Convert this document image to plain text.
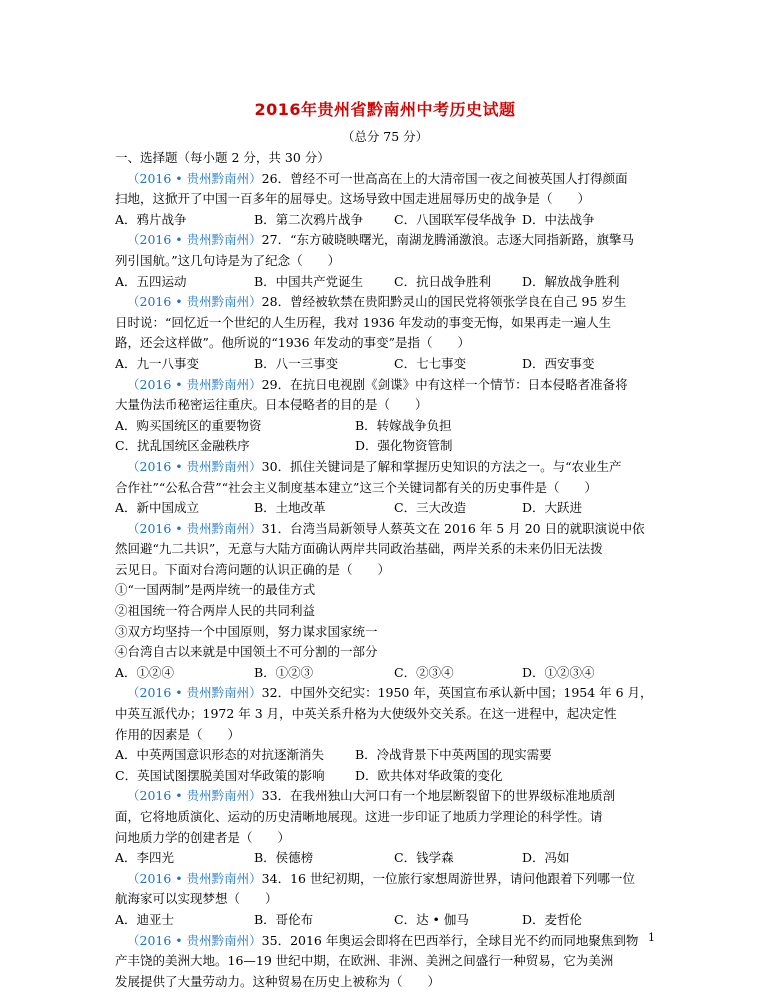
2016年贵州省黔南州中考历史试题
（总分 75 分）
一、选择题（每小题 2 分，共 30 分）
（ 2016 • 贵州黔南州 ） 26．曾经不可一世高高在上的大清帝国一夜之间被英国人打得颜面
扫地，这掀开了中国一百多年的屈辱史。这场导致中国走进屈辱历史的战争是（　　）
A．鸦片战争	B．第二次鸦片战争	C．八国联军侵华战争 D．中法战争
（ 2016 • 贵州黔南州 ） 27．“东方破晓映曙光，南湖龙腾涌激浪。志逐大同指新路，旗擎马
列引国航。”这几句诗是为了纪念（　　）
A．五四运动	B．中国共产党诞生	C．抗日战争胜利	D．解放战争胜利
（ 2016 • 贵州黔南州 ） 28．曾经被软禁在贵阳黔灵山的国民党将领张学良在自己 95 岁生
日时说：“回忆近一个世纪的人生历程，我对 1936 年发动的事变无悔，如果再走一遍人生
路，还会这样做”。他所说的“1936 年发动的事变”是指（　　）
A．九一八事变	B．八一三事变	C．七七事变	D．西安事变
（ 2016 • 贵州黔南州 ） 29．在抗日电视剧《剑谍》中有这样一个情节：日本侵略者准备将
大量伪法币秘密运往重庆。日本侵略者的目的是（　　）
A．购买国统区的重要物资	B．转嫁战争负担
C．扰乱国统区金融秩序	D．强化物资管制
（ 2016 • 贵州黔南州 ） 30．抓住关键词是了解和掌握历史知识的方法之一。与“农业生产
合作社”“公私合营”“社会主义制度基本建立”这三个关键词都有关的历史事件是（　　）
A．新中国成立	B．土地改革	C．三大改造	D．大跃进
（ 2016 • 贵州黔南州 ） 31．台湾当局新领导人蔡英文在 2016 年 5 月 20 日的就职演说中依
然回避“九二共识”，无意与大陆方面确认两岸共同政治基础，两岸关系的未来仍旧无法拨
云见日。下面对台湾问题的认识正确的是（　　）
①“一国两制”是两岸统一的最佳方式
②祖国统一符合两岸人民的共同利益
③双方均坚持一个中国原则，努力谋求国家统一
④台湾自古以来就是中国领土不可分割的一部分
A．①②④	B．①②③	C．②③④	D．①②③④
（ 2016 • 贵州黔南州 ） 32．中国外交纪实：1950 年，英国宣布承认新中国；1954 年 6 月，
中英互派代办；1972 年 3 月，中英关系升格为大使级外交关系。在这一进程中，起决定性
作用的因素是（　　）
A．中英两国意识形态的对抗逐渐消失	B．冷战背景下中英两国的现实需要
C．英国试图摆脱美国对华政策的影响	D．欧共体对华政策的变化
（ 2016 • 贵州黔南州 ） 33．在我州独山大河口有一个地层断裂留下的世界级标准地质剖
面，它将地质演化、运动的历史清晰地展现。这进一步印证了地质力学理论的科学性。请
问地质力学的创建者是（　　）
A．李四光	B．侯德榜	C．钱学森	D．冯如
（ 2016 • 贵州黔南州 ） 34．16 世纪初期，一位旅行家想周游世界，请问他跟着下列哪一位
航海家可以实现梦想（　　）
A．迪亚士	B．哥伦布	C．达 • 伽马	D．麦哲伦
（ 2016 • 贵州黔南州 ） 35．2016 年奥运会即将在巴西举行，全球目光不约而同地聚焦到物
产丰饶的美洲大地。16—19 世纪中期，在欧洲、非洲、美洲之间盛行一种贸易，它为美洲
发展提供了大量劳动力。这种贸易在历史上被称为（　　）
1
